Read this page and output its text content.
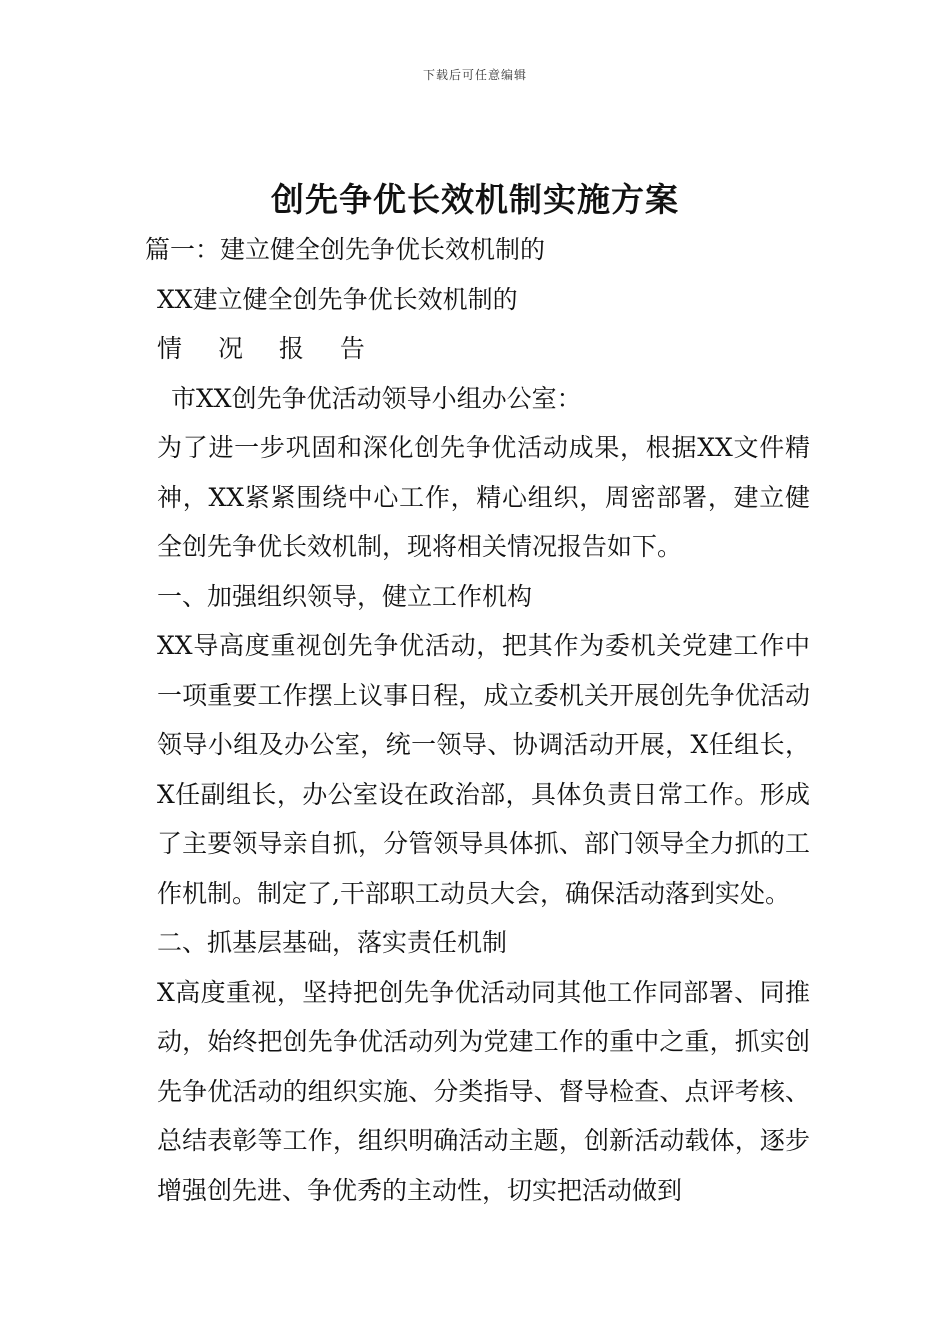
下载后可任意编辑
创先争优长效机制实施方案
篇一：建立健全创先争优长效机制的
XX建立健全创先争优长效机制的
情 况 报 告
市XX创先争优活动领导小组办公室：
为了进一步巩固和深化创先争优活动成果，根据XX文件精神，XX紧紧围绕中心工作，精心组织，周密部署，建立健全创先争优长效机制，现将相关情况报告如下。
一、加强组织领导，健立工作机构
XX导高度重视创先争优活动，把其作为委机关党建工作中一项重要工作摆上议事日程，成立委机关开展创先争优活动领导小组及办公室，统一领导、协调活动开展，X任组长，X任副组长，办公室设在政治部，具体负责日常工作。形成了主要领导亲自抓，分管领导具体抓、部门领导全力抓的工作机制。制定了,干部职工动员大会，确保活动落到实处。
二、抓基层基础，落实责任机制
X高度重视，坚持把创先争优活动同其他工作同部署、同推动，始终把创先争优活动列为党建工作的重中之重，抓实创先争优活动的组织实施、分类指导、督导检查、点评考核、总结表彰等工作，组织明确活动主题，创新活动载体，逐步增强创先进、争优秀的主动性，切实把活动做到
